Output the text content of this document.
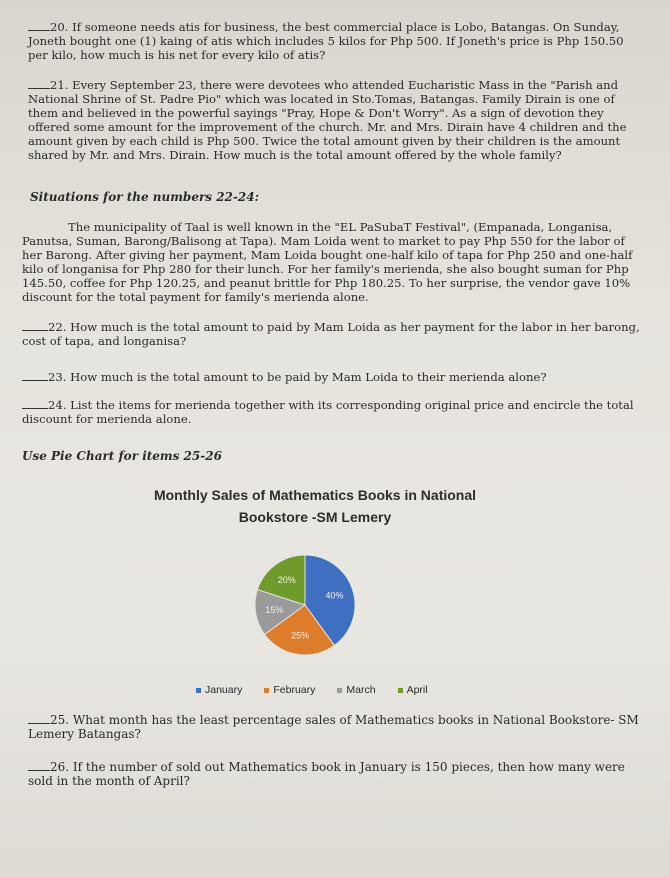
20. If someone needs atis for business, the best commercial place is Lobo, Batangas. On Sunday, Joneth bought one (1) kaing of atis which includes 5 kilos for Php 500. If Joneth's price is Php 150.50 per kilo, how much is his net for every kilo of atis?

21. Every September 23, there were devotees who attended Eucharistic Mass in the "Parish and National Shrine of St. Padre Pio" which was located in Sto.Tomas, Batangas. Family Dirain is one of them and believed in the powerful sayings "Pray, Hope & Don't Worry". As a sign of devotion they offered some amount for the improvement of the church. Mr. and Mrs. Dirain have 4 children and the amount given by each child is Php 500. Twice the total amount given by their children is the amount shared by Mr. and Mrs. Dirain. How much is the total amount offered by the whole family?

Situations for the numbers 22-24:
The municipality of Taal is well known in the "EL PaSubaT Festival", (Empanada, Longanisa, Panutsa, Suman, Barong/Balisong at Tapa). Mam Loida went to market to pay Php 550 for the labor of her Barong. After giving her payment, Mam Loida bought one-half kilo of tapa for Php 250 and one-half kilo of longanisa for Php 280 for their lunch. For her family's merienda, she also bought suman for Php 145.50, coffee for Php 120.25, and peanut brittle for Php 180.25. To her surprise, the vendor gave 10% discount for the total payment for family's merienda alone.

22. How much is the total amount to paid by Mam Loida as her payment for the labor in her barong, cost of tapa, and longanisa?

23. How much is the total amount to be paid by Mam Loida to their merienda alone?

24. List the items for merienda together with its corresponding original price and encircle the total discount for merienda alone.

Use Pie Chart for items 25-26
Monthly Sales of Mathematics Books in National Bookstore -SM Lemery
40%
25%
15%
20%
January	February	March	April

25. What month has the least percentage sales of Mathematics books in National Bookstore- SM Lemery Batangas?

26. If the number of sold out Mathematics book in January is 150 pieces, then how many were sold in the month of April?
